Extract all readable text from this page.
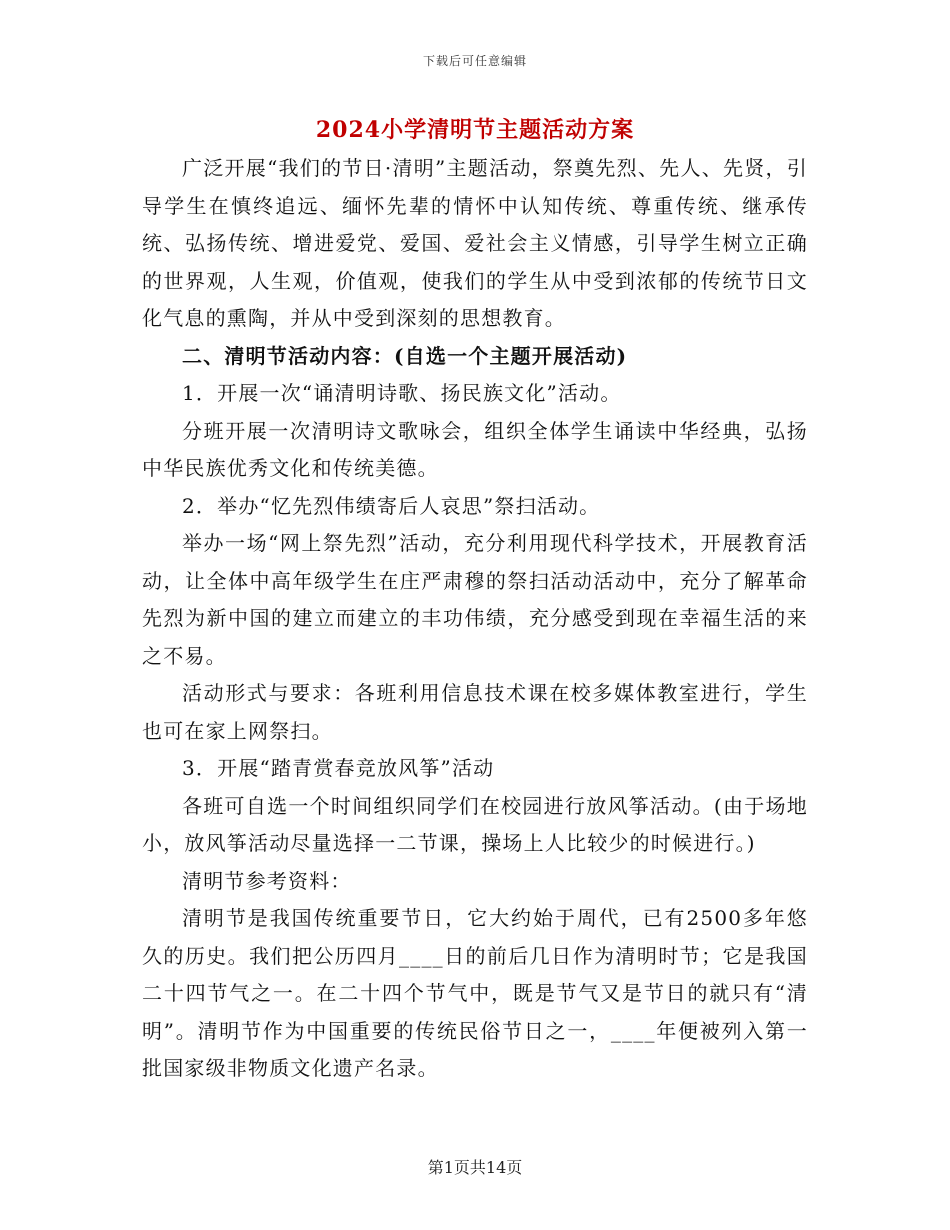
下载后可任意编辑
2024小学清明节主题活动方案

广泛开展“我们的节日·清明”主题活动，祭奠先烈、先人、先贤，引导学生在慎终追远、缅怀先辈的情怀中认知传统、尊重传统、继承传统、弘扬传统、增进爱党、爱国、爱社会主义情感，引导学生树立正确的世界观，人生观，价值观，使我们的学生从中受到浓郁的传统节日文化气息的熏陶，并从中受到深刻的思想教育。

二、清明节活动内容：(自选一个主题开展活动)

1．开展一次“诵清明诗歌、扬民族文化”活动。

分班开展一次清明诗文歌咏会，组织全体学生诵读中华经典，弘扬中华民族优秀文化和传统美德。

2．举办“忆先烈伟绩寄后人哀思”祭扫活动。

举办一场“网上祭先烈”活动，充分利用现代科学技术，开展教育活动，让全体中高年级学生在庄严肃穆的祭扫活动活动中，充分了解革命先烈为新中国的建立而建立的丰功伟绩，充分感受到现在幸福生活的来之不易。

活动形式与要求：各班利用信息技术课在校多媒体教室进行，学生也可在家上网祭扫。

3．开展“踏青赏春竞放风筝”活动

各班可自选一个时间组织同学们在校园进行放风筝活动。(由于场地小，放风筝活动尽量选择一二节课，操场上人比较少的时候进行。)

清明节参考资料：

清明节是我国传统重要节日，它大约始于周代，已有2500多年悠久的历史。我们把公历四月____日的前后几日作为清明时节；它是我国二十四节气之一。在二十四个节气中，既是节气又是节日的就只有“清明”。清明节作为中国重要的传统民俗节日之一，____年便被列入第一批国家级非物质文化遗产名录。

第1页共14页
